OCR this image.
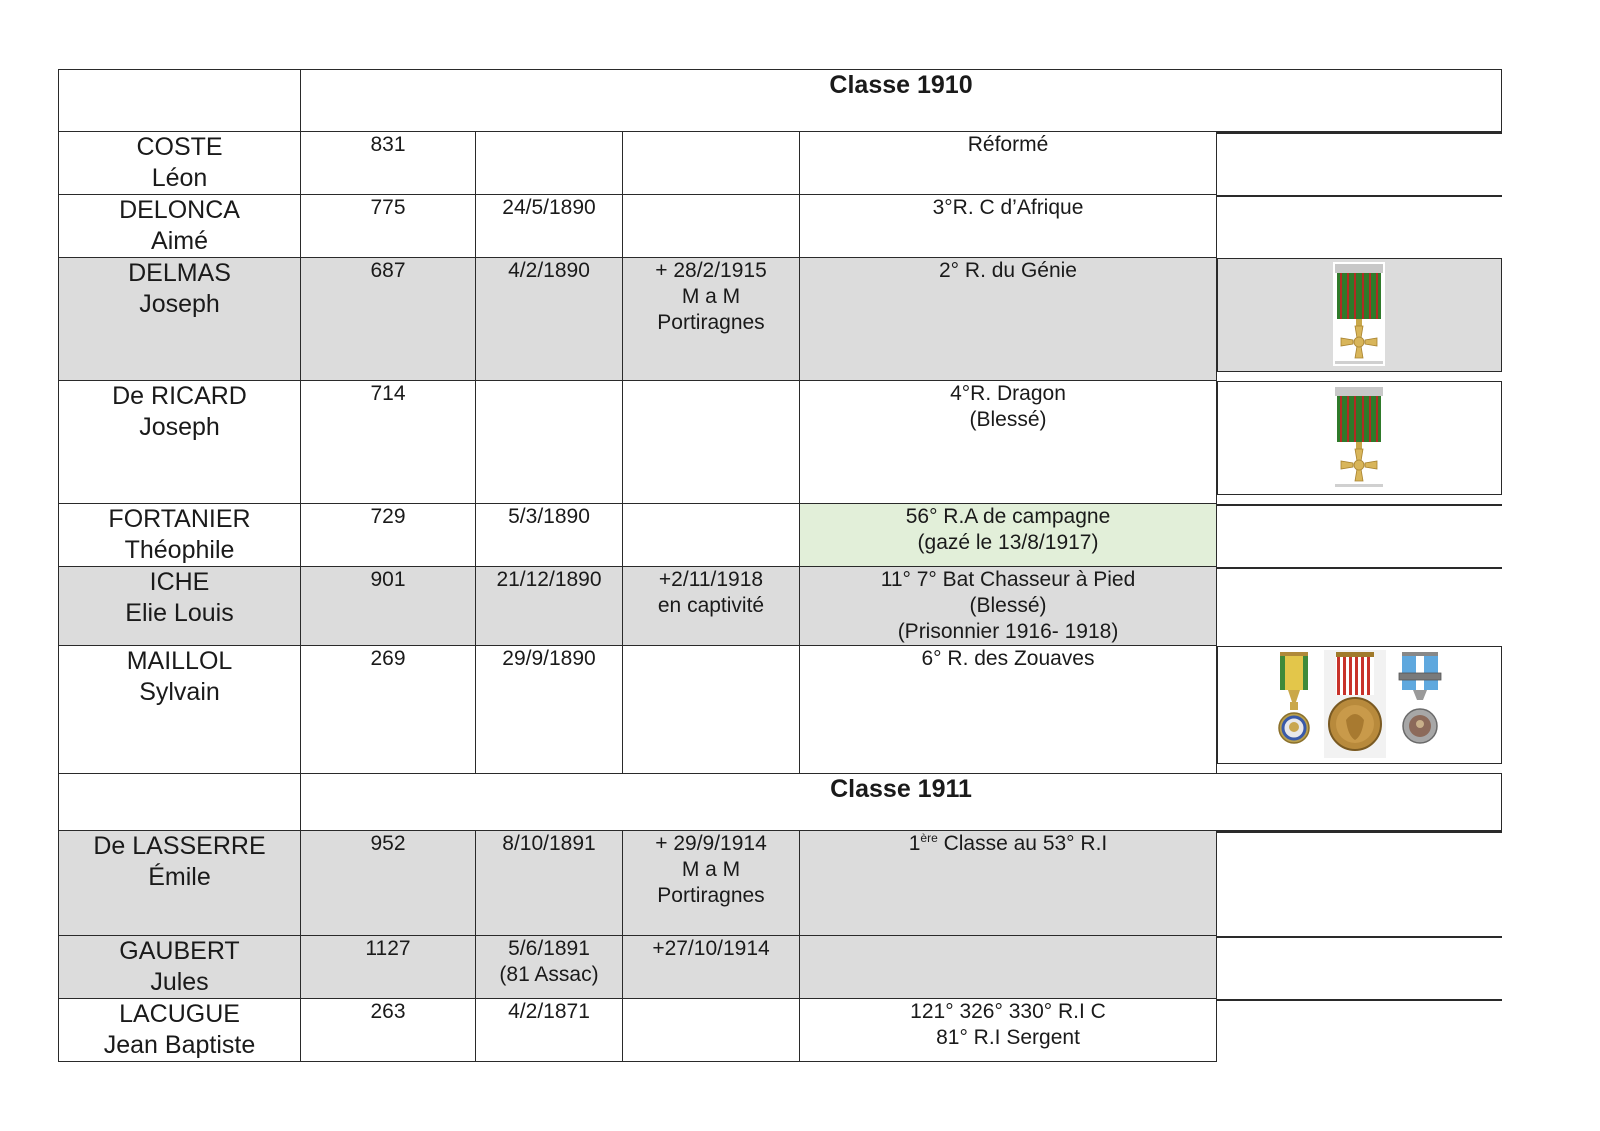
	Classe 1910			

COSTE
Léon	831			Réformé

DELONCA
Aimé	775	24/5/1890		3°R. C d’Afrique

DELMAS
Joseph	687	4/2/1890	+ 28/2/1915
M a M
Portiragnes	2° R. du Génie

De RICARD
Joseph	714			4°R. Dragon
(Blessé)

FORTANIER
Théophile	729	5/3/1890		56° R.A de campagne
(gazé le 13/8/1917)

ICHE
Elie Louis	901	21/12/1890	+2/11/1918
en captivité	11° 7° Bat Chasseur à Pied
(Blessé)
(Prisonnier 1916- 1918)

MAILLOL
Sylvain	269	29/9/1890		6° R. des Zouaves

	Classe 1911			

De LASSERRE
Émile	952	8/10/1891	+ 29/9/1914
M a M
Portiragnes	1ère Classe au 53° R.I

GAUBERT
Jules	1127	5/6/1891
(81 Assac)	+27/10/1914	

LACUGUE
Jean Baptiste	263	4/2/1871		121° 326° 330° R.I C
81° R.I Sergent
